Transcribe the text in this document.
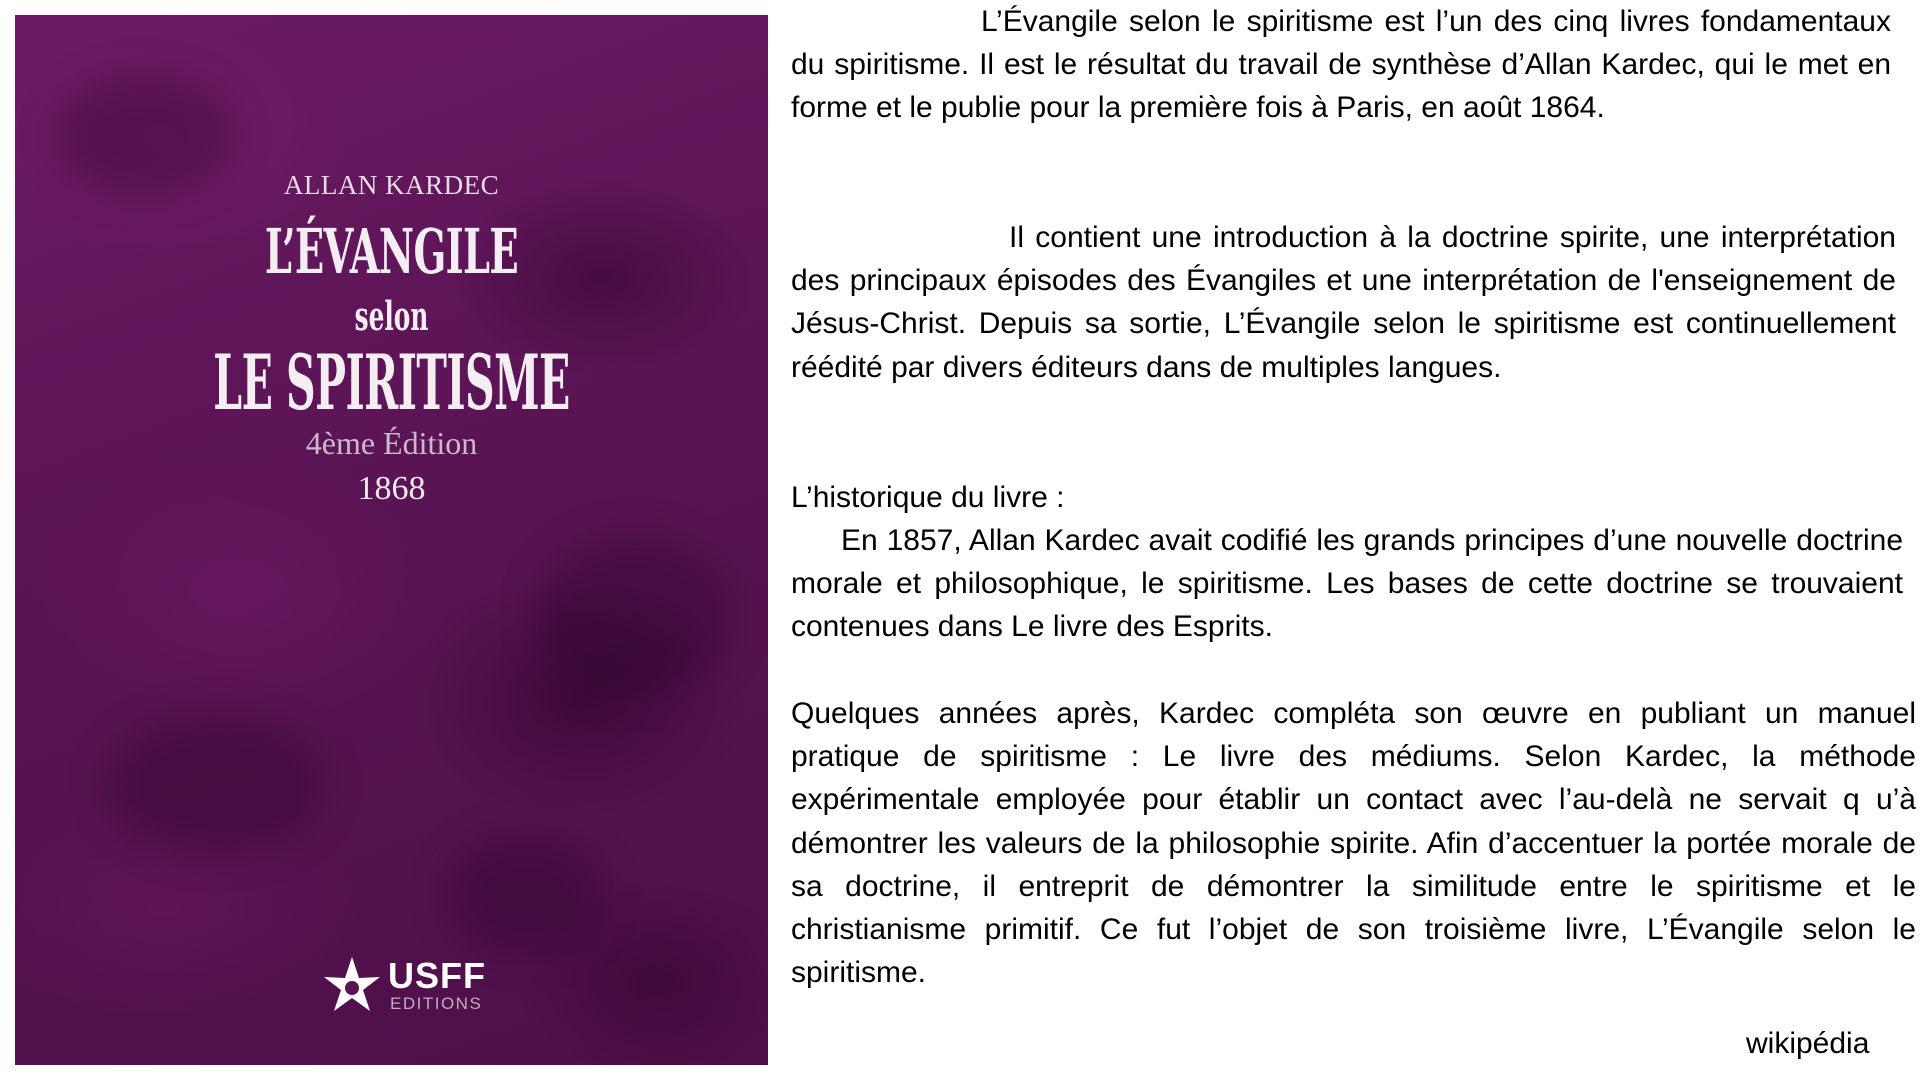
ALLAN KARDEC
L’ÉVANGILE
selon
LE SPIRITISME
4ème Édition
1868
USFF
EDITIONS
L’Évangile selon le spiritisme est l’un des cinq livres fondamentaux du spiritisme. Il est le résultat du travail de synthèse d’Allan Kardec, qui le met en forme et le publie pour la première fois à Paris, en août 1864.
Il contient une introduction à la doctrine spirite, une interprétation des principaux épisodes des Évangiles et une interprétation de l'enseignement de Jésus-Christ. Depuis sa sortie, L’Évangile selon le spiritisme est continuellement réédité par divers éditeurs dans de multiples langues.
L’historique du livre :
En 1857, Allan Kardec avait codifié les grands principes d’une nouvelle doctrine morale et philosophique, le spiritisme. Les bases de cette doctrine se trouvaient contenues dans Le livre des Esprits.
Quelques années après, Kardec compléta son œuvre en publiant un manuel pratique de spiritisme : Le livre des médiums. Selon Kardec, la méthode expérimentale employée pour établir un contact avec l’au-delà ne servait q u’à démontrer les valeurs de la philosophie spirite. Afin d’accentuer la portée morale de sa doctrine, il entreprit de démontrer la similitude entre le spiritisme et le christianisme primitif. Ce fut l’objet de son troisième livre, L’Évangile selon le spiritisme.
wikipédia
